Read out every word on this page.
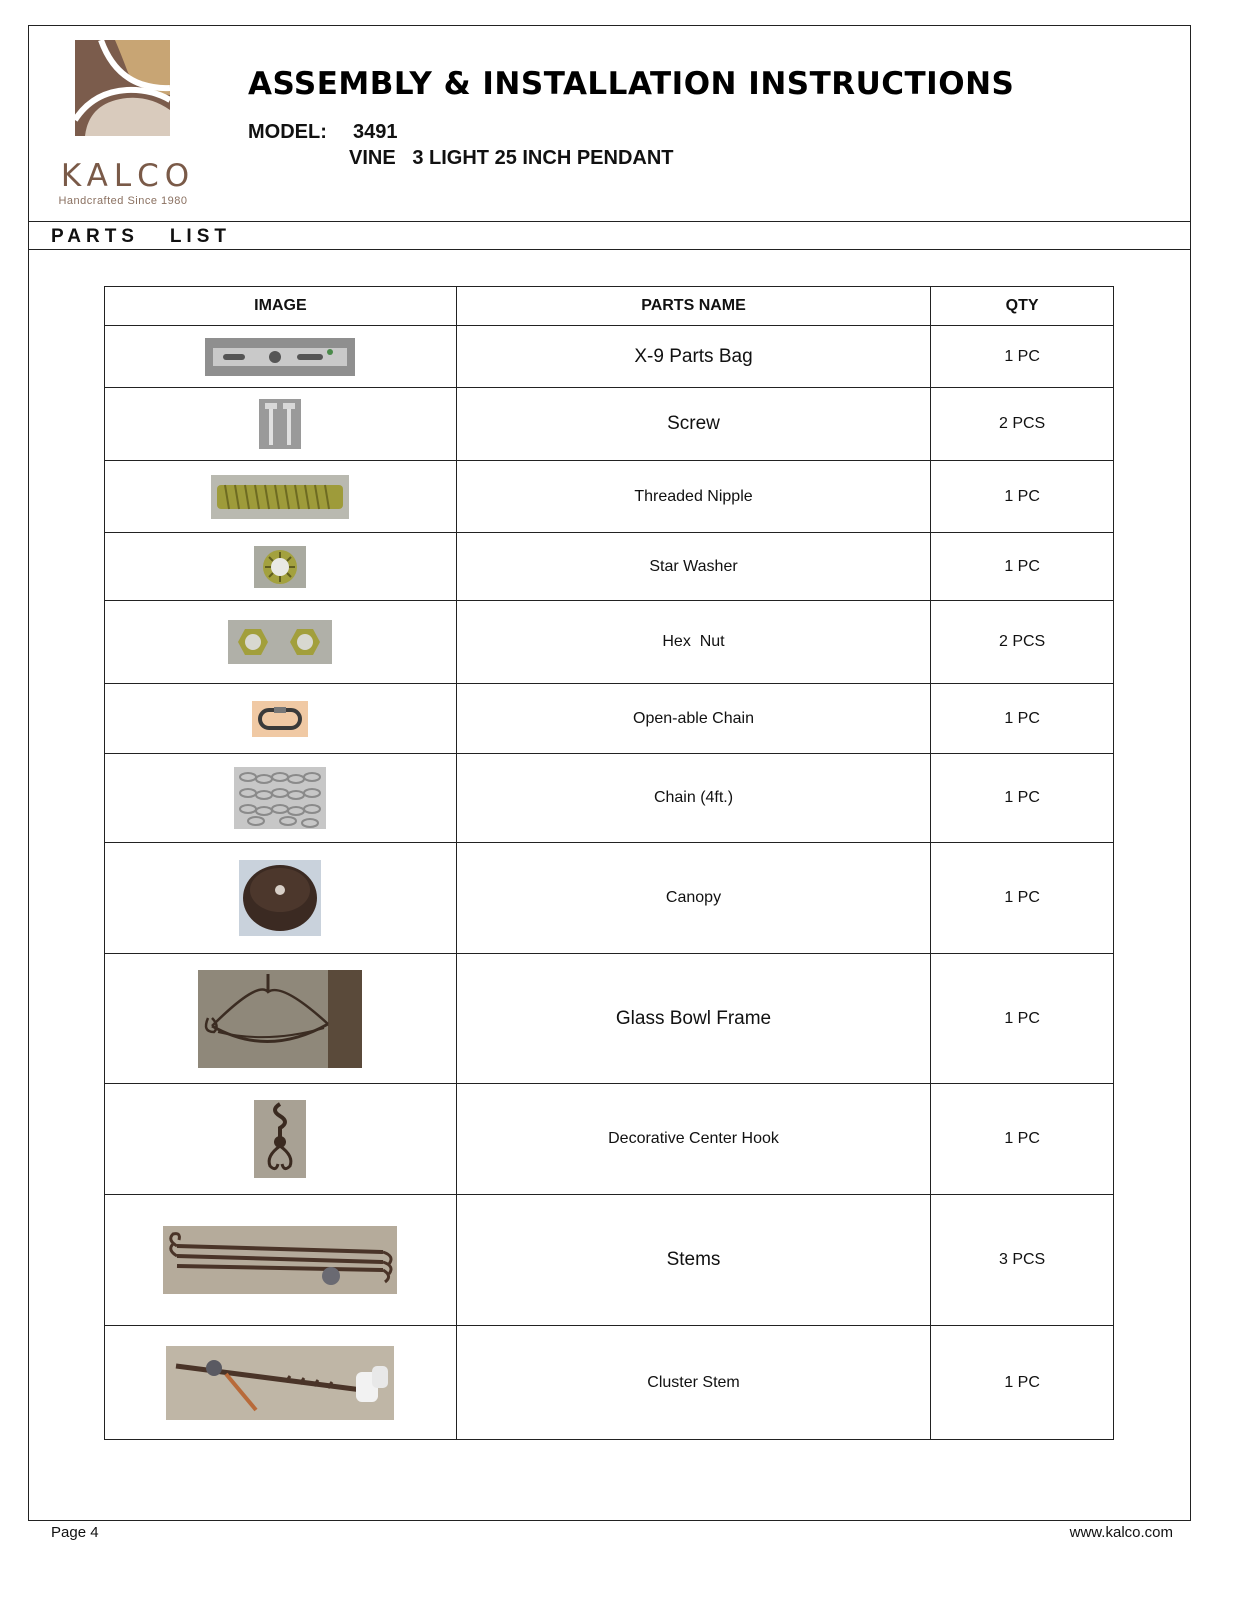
KALCO
Handcrafted Since 1980
ASSEMBLY & INSTALLATION INSTRUCTIONS
MODEL: 3491
VINE   3 LIGHT 25 INCH PENDANT
PARTS   LIST
IMAGE	PARTS NAME	QTY

	X-9 Parts Bag	1 PC

	Screw	2 PCS

	Threaded Nipple	1 PC

	Star Washer	1 PC

	Hex  Nut	2 PCS

	Open-able Chain	1 PC

	Chain (4ft.)	1 PC

	Canopy	1 PC

	Glass Bowl Frame	1 PC

	Decorative Center Hook	1 PC

	Stems	3 PCS

	Cluster Stem	1 PC
Page 4	www.kalco.com
